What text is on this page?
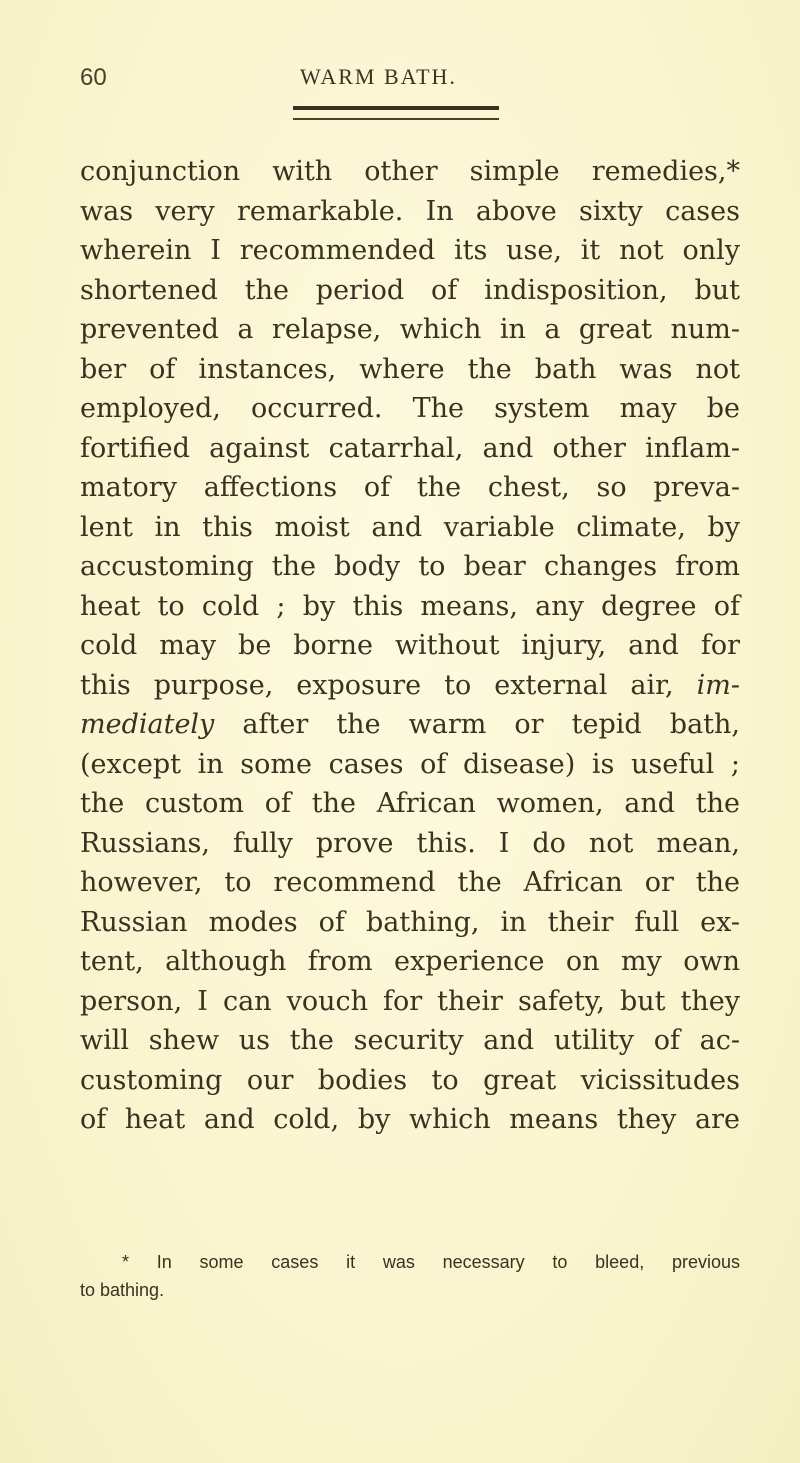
60	WARM BATH.
conjunction with other simple remedies,*
was very remarkable. In above sixty cases
wherein I recommended its use, it not only
shortened the period of indisposition, but
prevented a relapse, which in a great num-
ber of instances, where the bath was not
employed, occurred. The system may be
fortified against catarrhal, and other inflam-
matory affections of the chest, so preva-
lent in this moist and variable climate, by
accustoming the body to bear changes from
heat to cold ; by this means, any degree of
cold may be borne without injury, and for
this purpose, exposure to external air, im-
mediately after the warm or tepid bath,
(except in some cases of disease) is useful ;
the custom of the African women, and the
Russians, fully prove this. I do not mean,
however, to recommend the African or the
Russian modes of bathing, in their full ex-
tent, although from experience on my own
person, I can vouch for their safety, but they
will shew us the security and utility of ac-
customing our bodies to great vicissitudes
of heat and cold, by which means they are
* In some cases it was necessary to bleed, previous
to bathing.
